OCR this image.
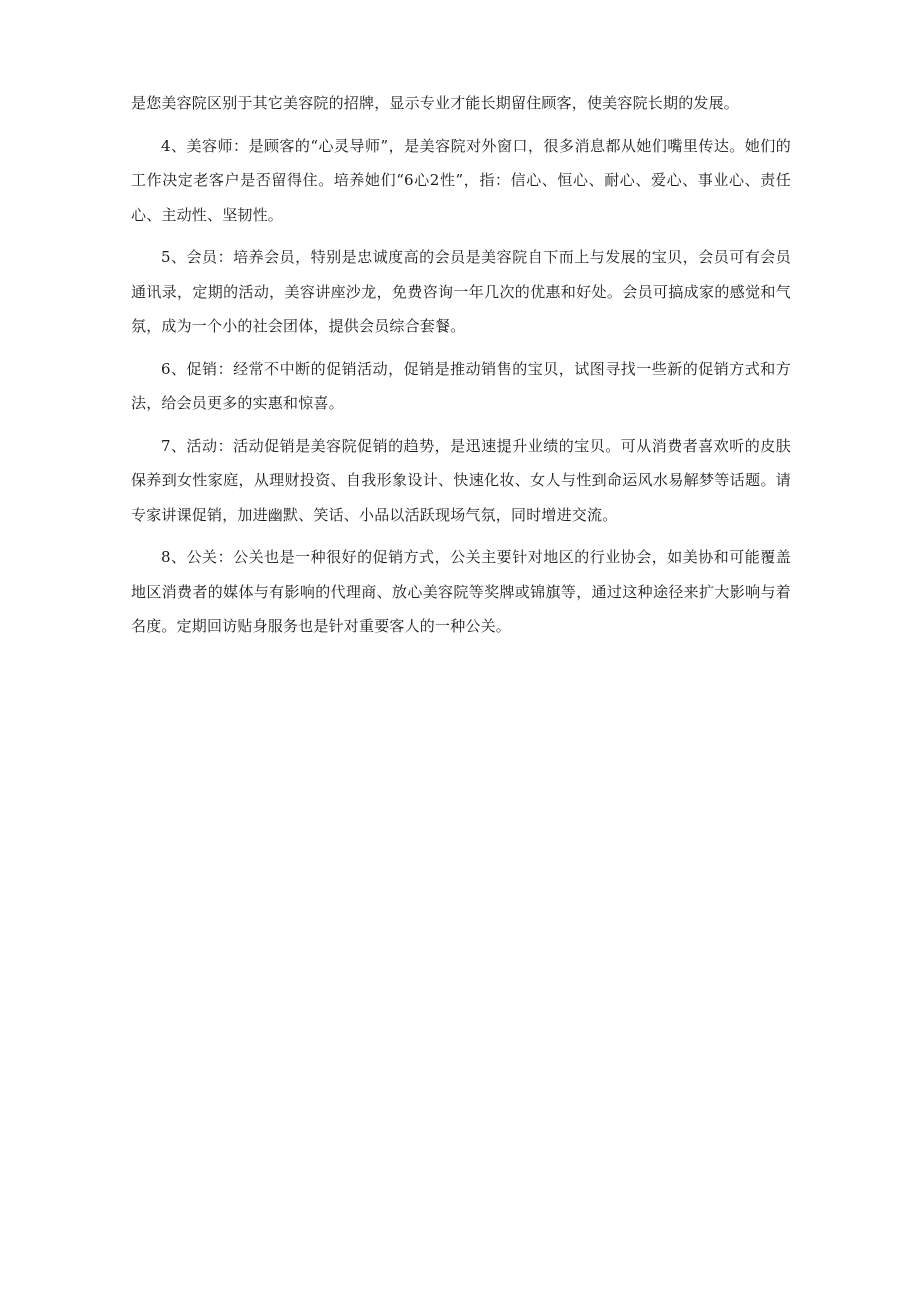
是您美容院区别于其它美容院的招牌，显示专业才能长期留住顾客，使美容院长期的发展。

4、美容师：是顾客的“心灵导师”，是美容院对外窗口，很多消息都从她们嘴里传达。她们的工作决定老客户是否留得住。培养她们“6心2性”，指：信心、恒心、耐心、爱心、事业心、责任心、主动性、坚韧性。

5、会员：培养会员，特别是忠诚度高的会员是美容院自下而上与发展的宝贝，会员可有会员通讯录，定期的活动，美容讲座沙龙，免费咨询一年几次的优惠和好处。会员可搞成家的感觉和气氛，成为一个小的社会团体，提供会员综合套餐。

6、促销：经常不中断的促销活动，促销是推动销售的宝贝，试图寻找一些新的促销方式和方法，给会员更多的实惠和惊喜。

7、活动：活动促销是美容院促销的趋势，是迅速提升业绩的宝贝。可从消费者喜欢听的皮肤保养到女性家庭，从理财投资、自我形象设计、快速化妆、女人与性到命运风水易解梦等话题。请专家讲课促销，加进幽默、笑话、小品以活跃现场气氛，同时增进交流。

8、公关：公关也是一种很好的促销方式，公关主要针对地区的行业协会，如美协和可能覆盖地区消费者的媒体与有影响的代理商、放心美容院等奖牌或锦旗等，通过这种途径来扩大影响与着名度。定期回访贴身服务也是针对重要客人的一种公关。
